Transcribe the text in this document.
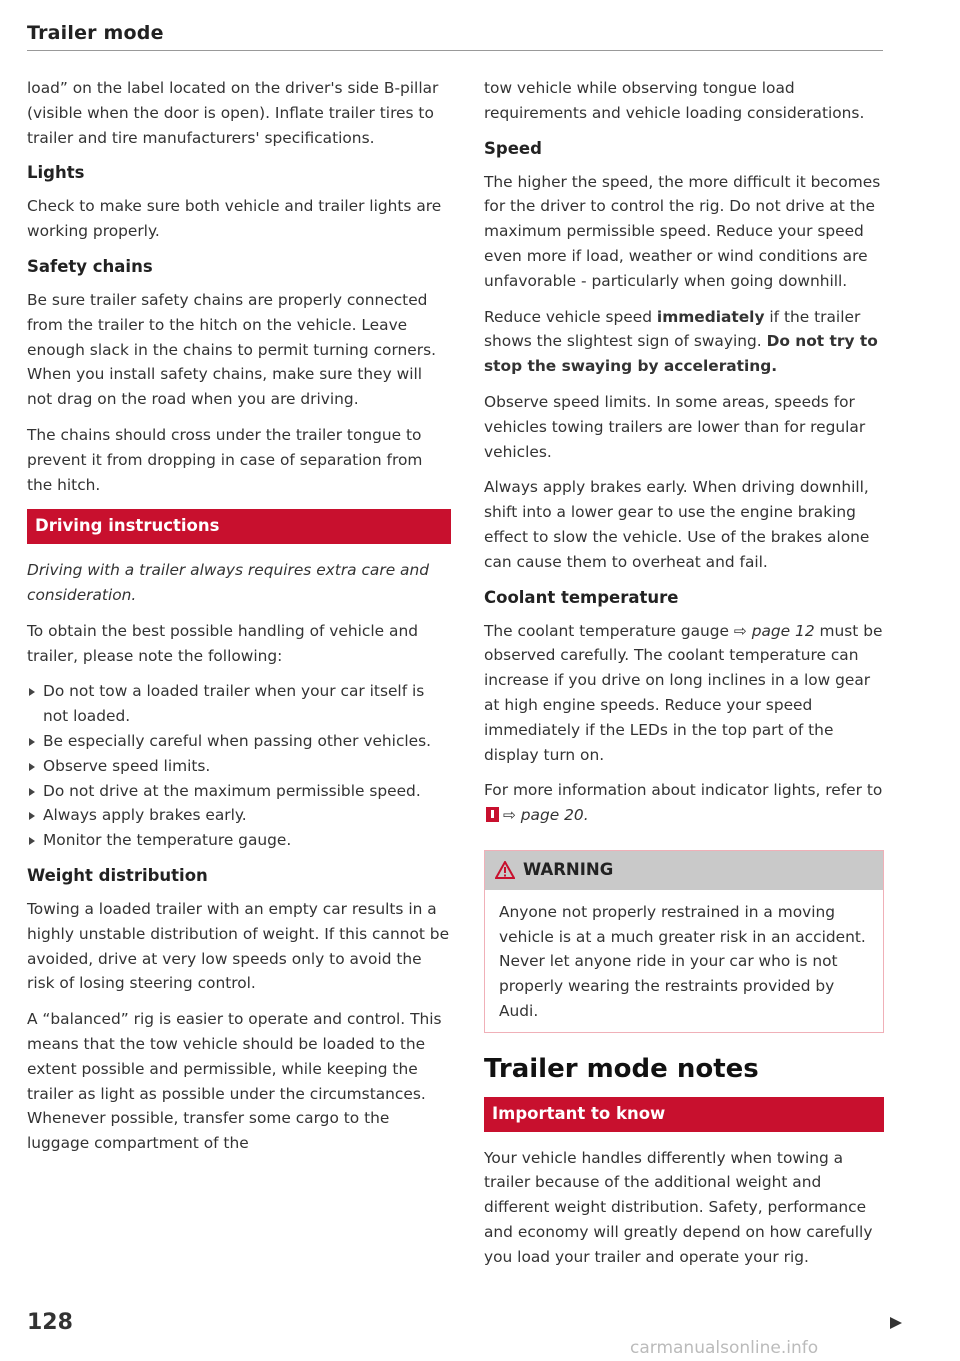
Trailer mode

load” on the label located on the driver's side B-pillar (visible when the door is open). Inflate trailer tires to trailer and tire manufacturers' specifications.

Lights

Check to make sure both vehicle and trailer lights are working properly.

Safety chains

Be sure trailer safety chains are properly connected from the trailer to the hitch on the vehicle. Leave enough slack in the chains to permit turning corners. When you install safety chains, make sure they will not drag on the road when you are driving.

The chains should cross under the trailer tongue to prevent it from dropping in case of separation from the hitch.

Driving instructions

Driving with a trailer always requires extra care and consideration.

To obtain the best possible handling of vehicle and trailer, please note the following:

Do not tow a loaded trailer when your car itself is not loaded.
Be especially careful when passing other vehicles.
Observe speed limits.
Do not drive at the maximum permissible speed.
Always apply brakes early.
Monitor the temperature gauge.
Weight distribution

Towing a loaded trailer with an empty car results in a highly unstable distribution of weight. If this cannot be avoided, drive at very low speeds only to avoid the risk of losing steering control.

A “balanced” rig is easier to operate and control. This means that the tow vehicle should be loaded to the extent possible and permissible, while keeping the trailer as light as possible under the circumstances. Whenever possible, transfer some cargo to the luggage compartment of the

tow vehicle while observing tongue load requirements and vehicle loading considerations.

Speed

The higher the speed, the more difficult it becomes for the driver to control the rig. Do not drive at the maximum permissible speed. Reduce your speed even more if load, weather or wind conditions are unfavorable - particularly when going downhill.

Reduce vehicle speed immediately if the trailer shows the slightest sign of swaying. Do not try to stop the swaying by accelerating.

Observe speed limits. In some areas, speeds for vehicles towing trailers are lower than for regular vehicles.

Always apply brakes early. When driving downhill, shift into a lower gear to use the engine braking effect to slow the vehicle. Use of the brakes alone can cause them to overheat and fail.

Coolant temperature

The coolant temperature gauge ⇨ page 12 must be observed carefully. The coolant temperature can increase if you drive on long inclines in a low gear at high engine speeds. Reduce your speed immediately if the LEDs in the top part of the display turn on.

For more information about indicator lights, refer to ⇨ page 20.

WARNING
Anyone not properly restrained in a moving vehicle is at a much greater risk in an accident. Never let anyone ride in your car who is not properly wearing the restraints provided by Audi.
Trailer mode notes
Important to know

Your vehicle handles differently when towing a trailer because of the additional weight and different weight distribution. Safety, performance and economy will greatly depend on how carefully you load your trailer and operate your rig.

128
carmanualsonline.info
